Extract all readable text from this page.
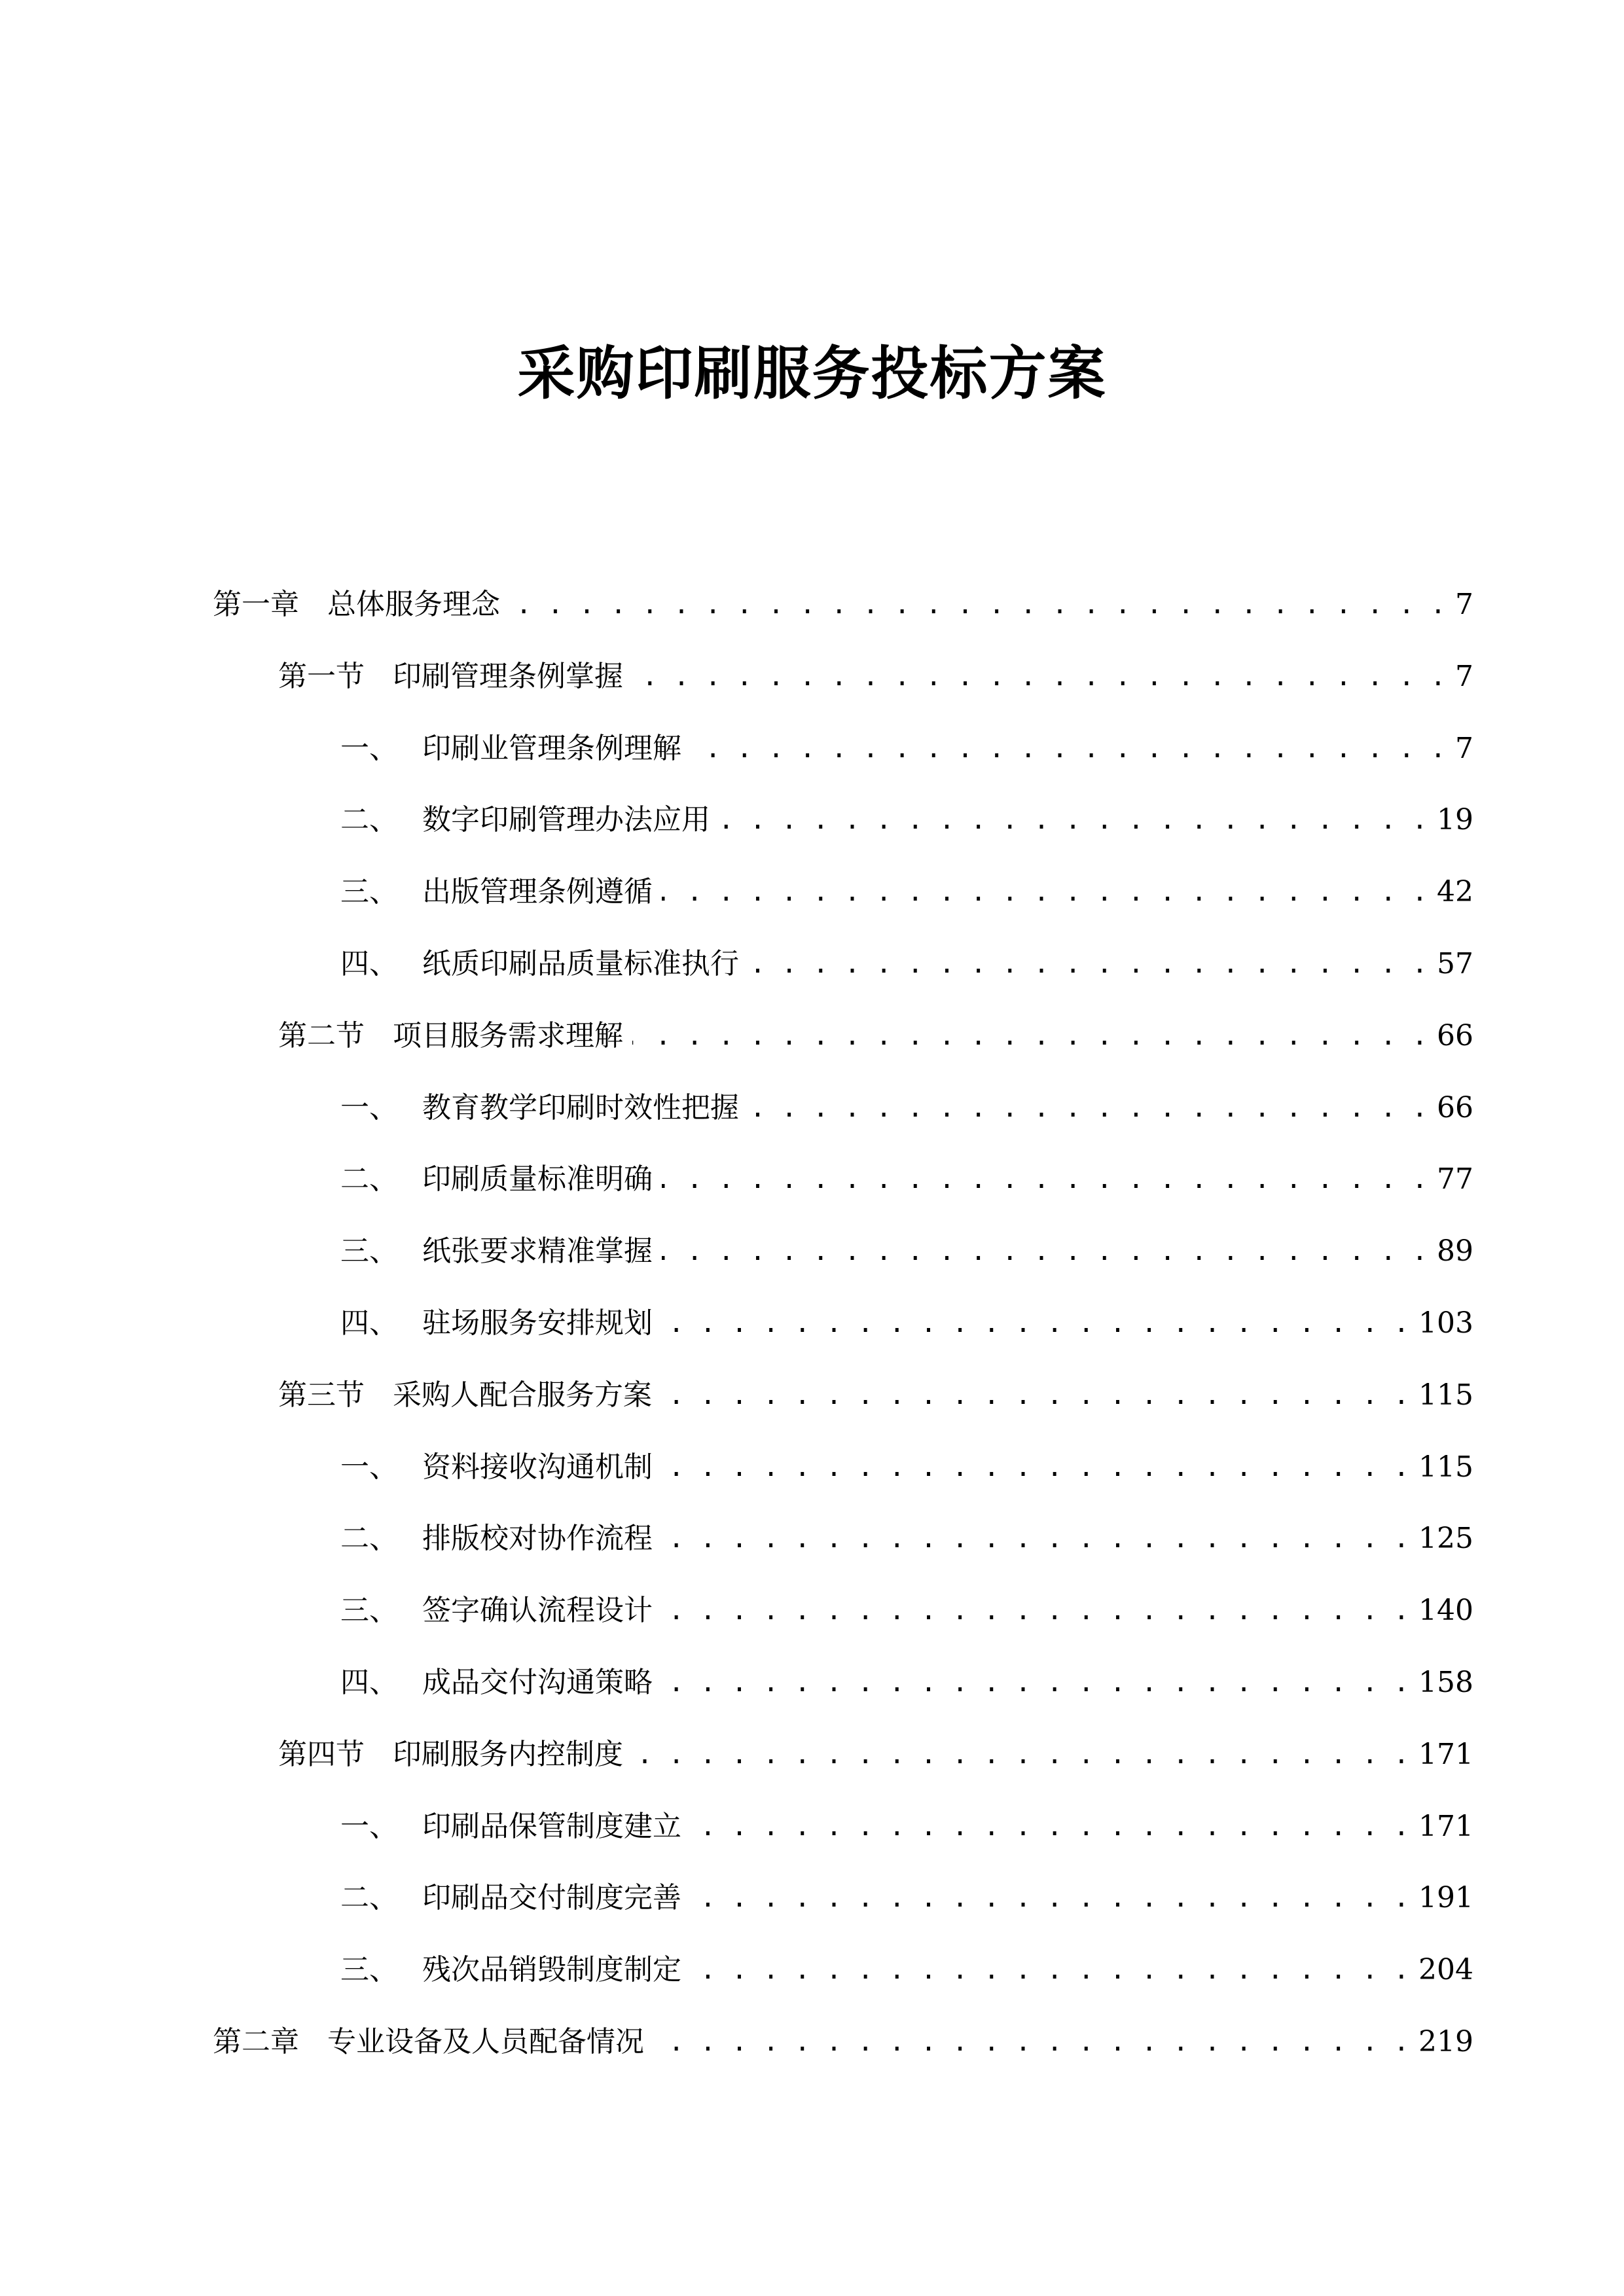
采购印刷服务投标方案
第一章 总体服务理念 . . .	7
第一节 印刷管理条例掌握 . . .	7
一、 印刷业管理条例理解 . . .	7
二、 数字印刷管理办法应用 . . .	19
三、 出版管理条例遵循 . . .	42
四、 纸质印刷品质量标准执行 . . .	57
第二节 项目服务需求理解 . . .	66
一、 教育教学印刷时效性把握 . . .	66
二、 印刷质量标准明确 . . .	77
三、 纸张要求精准掌握 . . .	89
四、 驻场服务安排规划 . . .	103
第三节 采购人配合服务方案 . . .	115
一、 资料接收沟通机制 . . .	115
二、 排版校对协作流程 . . .	125
三、 签字确认流程设计 . . .	140
四、 成品交付沟通策略 . . .	158
第四节 印刷服务内控制度 . . .	171
一、 印刷品保管制度建立 . . .	171
二、 印刷品交付制度完善 . . .	191
三、 残次品销毁制度制定 . . .	204
第二章 专业设备及人员配备情况 . . .	219
